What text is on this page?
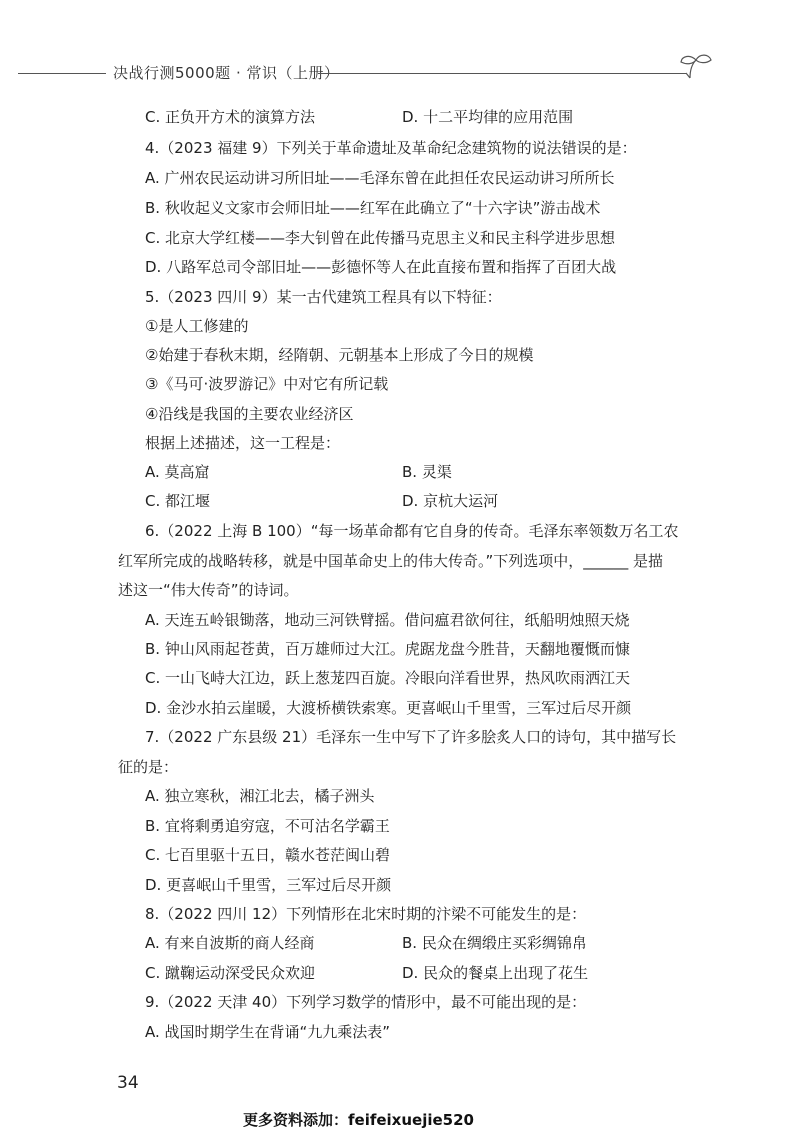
决战行测5000题 · 常识（上册）
C. 正负开方术的演算方法	D. 十二平均律的应用范围
4.（2023 福建 9）下列关于革命遗址及革命纪念建筑物的说法错误的是：
A. 广州农民运动讲习所旧址——毛泽东曾在此担任农民运动讲习所所长
B. 秋收起义文家市会师旧址——红军在此确立了“十六字诀”游击战术
C. 北京大学红楼——李大钊曾在此传播马克思主义和民主科学进步思想
D. 八路军总司令部旧址——彭德怀等人在此直接布置和指挥了百团大战
5.（2023 四川 9）某一古代建筑工程具有以下特征：
①是人工修建的
②始建于春秋末期，经隋朝、元朝基本上形成了今日的规模
③《马可·波罗游记》中对它有所记载
④沿线是我国的主要农业经济区
根据上述描述，这一工程是：
A. 莫高窟	B. 灵渠
C. 都江堰	D. 京杭大运河
6.（2022 上海 B 100）“每一场革命都有它自身的传奇。毛泽东率领数万名工农
红军所完成的战略转移，就是中国革命史上的伟大传奇。”下列选项中，______ 是描
述这一“伟大传奇”的诗词。
A. 天连五岭银锄落，地动三河铁臂摇。借问瘟君欲何往，纸船明烛照天烧
B. 钟山风雨起苍黄，百万雄师过大江。虎踞龙盘今胜昔，天翻地覆慨而慷
C. 一山飞峙大江边，跃上葱茏四百旋。冷眼向洋看世界，热风吹雨洒江天
D. 金沙水拍云崖暖，大渡桥横铁索寒。更喜岷山千里雪，三军过后尽开颜
7.（2022 广东县级 21）毛泽东一生中写下了许多脍炙人口的诗句，其中描写长
征的是：
A. 独立寒秋，湘江北去，橘子洲头
B. 宜将剩勇追穷寇，不可沽名学霸王
C. 七百里驱十五日，赣水苍茫闽山碧
D. 更喜岷山千里雪，三军过后尽开颜
8.（2022 四川 12）下列情形在北宋时期的汴梁不可能发生的是：
A. 有来自波斯的商人经商	B. 民众在绸缎庄买彩绸锦帛
C. 蹴鞠运动深受民众欢迎	D. 民众的餐桌上出现了花生
9.（2022 天津 40）下列学习数学的情形中，最不可能出现的是：
A. 战国时期学生在背诵“九九乘法表”
34
更多资料添加：feifeixuejie520
